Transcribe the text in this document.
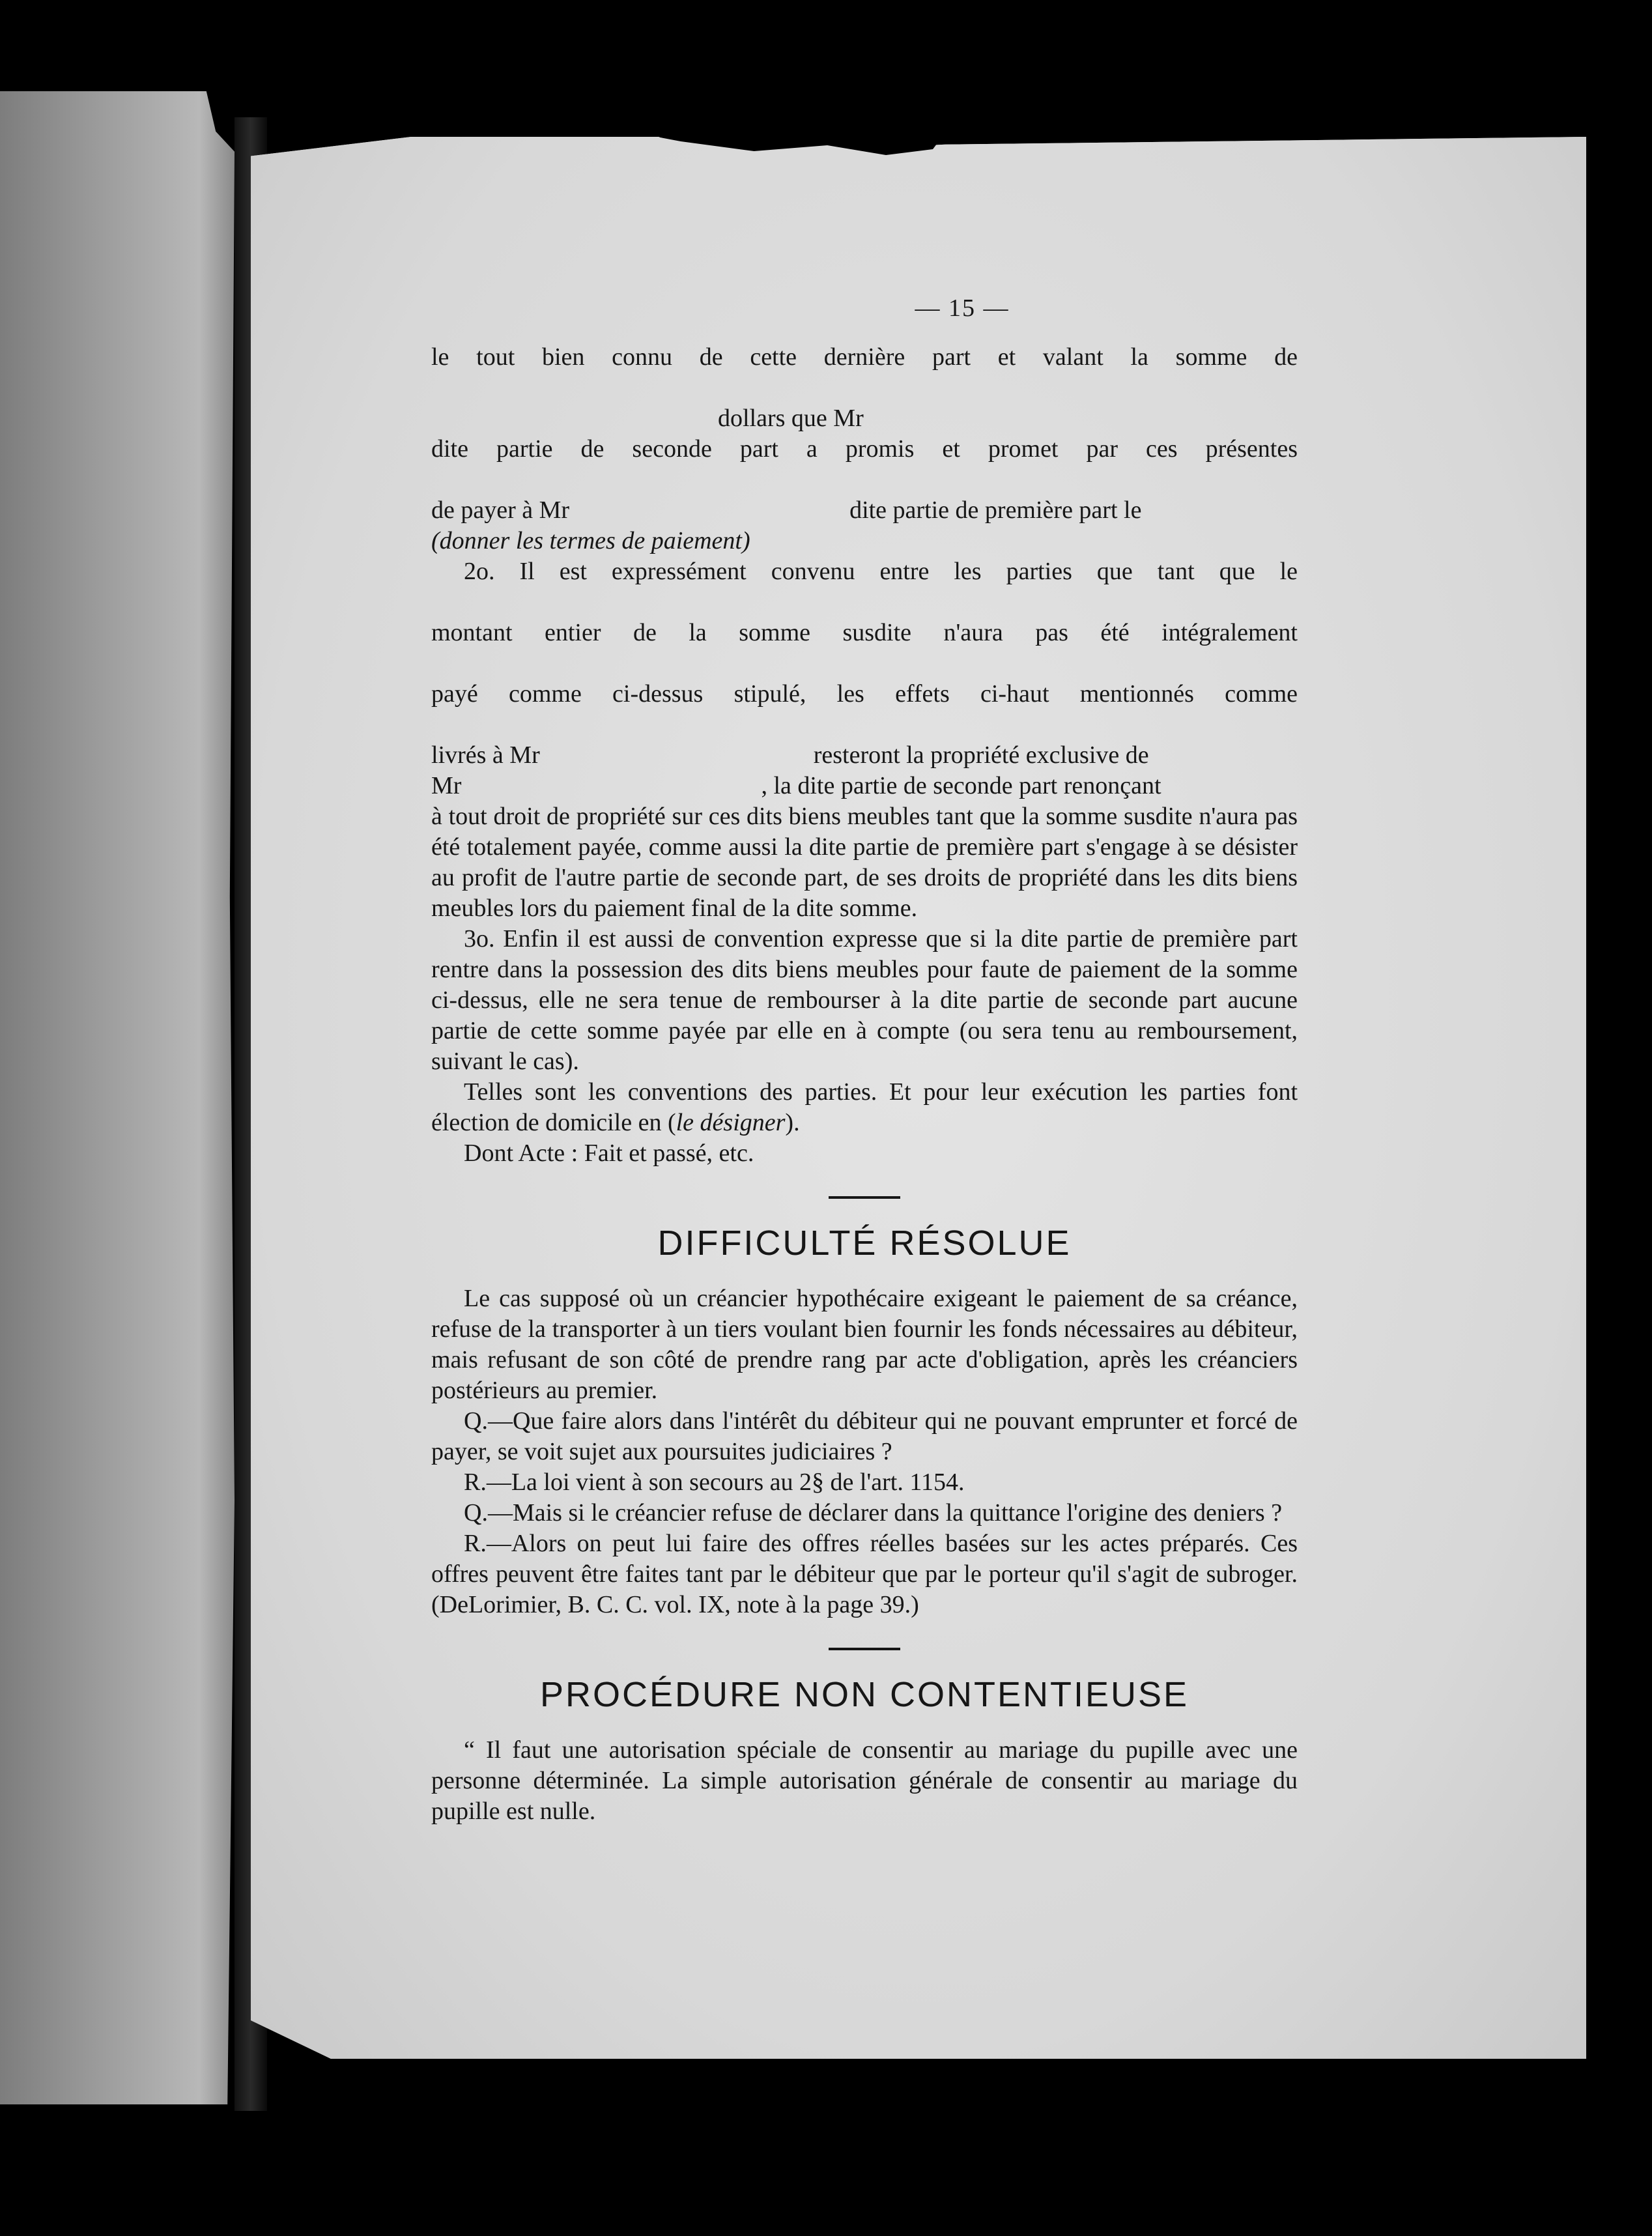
— 15 —
le tout bien connu de cette dernière part et valant la somme de
dollars que Mr
dite partie de seconde part a promis et promet par ces présentes
de payer à Mr	dite partie de première part le
(donner les termes de paiement)
2o. Il est expressément convenu entre les parties que tant que le
montant entier de la somme susdite n'aura pas été intégralement
payé comme ci-dessus stipulé, les effets ci-haut mentionnés comme
livrés à Mr	resteront la propriété exclusive de
Mr	, la dite partie de seconde part renonçant

à tout droit de propriété sur ces dits biens meubles tant que la somme susdite n'aura pas été totalement payée, comme aussi la dite partie de première part s'engage à se désister au profit de l'autre partie de seconde part, de ses droits de propriété dans les dits biens meubles lors du paiement final de la dite somme.

3o. Enfin il est aussi de convention expresse que si la dite partie de première part rentre dans la possession des dits biens meubles pour faute de paiement de la somme ci-dessus, elle ne sera tenue de rembourser à la dite partie de seconde part aucune partie de cette somme payée par elle en à compte (ou sera tenu au remboursement, suivant le cas).

Telles sont les conventions des parties. Et pour leur exécution les parties font élection de domicile en (le désigner).

Dont Acte : Fait et passé, etc.

DIFFICULTÉ RÉSOLUE

Le cas supposé où un créancier hypothécaire exigeant le paiement de sa créance, refuse de la transporter à un tiers voulant bien fournir les fonds nécessaires au débiteur, mais refusant de son côté de prendre rang par acte d'obligation, après les créanciers postérieurs au premier.

Q.—Que faire alors dans l'intérêt du débiteur qui ne pouvant emprunter et forcé de payer, se voit sujet aux poursuites judiciaires ?

R.—La loi vient à son secours au 2§ de l'art. 1154.

Q.—Mais si le créancier refuse de déclarer dans la quittance l'origine des deniers ?

R.—Alors on peut lui faire des offres réelles basées sur les actes préparés. Ces offres peuvent être faites tant par le débiteur que par le porteur qu'il s'agit de subroger. (DeLorimier, B. C. C. vol. IX, note à la page 39.)

PROCÉDURE NON CONTENTIEUSE

“ Il faut une autorisation spéciale de consentir au mariage du pupille avec une personne déterminée. La simple autorisation générale de consentir au mariage du pupille est nulle.
